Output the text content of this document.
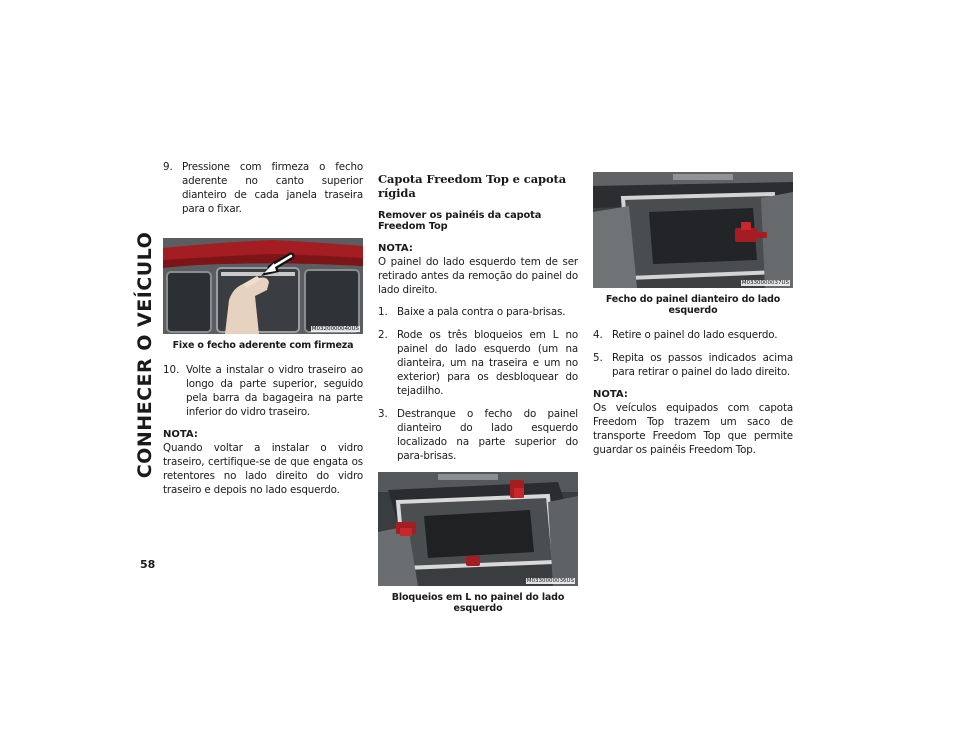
CONHECER O VEÍCULO
58
9. Pressione com firmeza o fecho aderente no canto superior dianteiro de cada janela traseira para o fixar.
M0320000040US
Fixe o fecho aderente com firmeza
10. Volte a instalar o vidro traseiro ao longo da parte superior, seguido pela barra da bagageira na parte inferior do vidro traseiro.
NOTA:

Quando voltar a instalar o vidro traseiro, certifique-se de que engata os retentores no lado direito do vidro traseiro e depois no lado esquerdo.

Capota Freedom Top e capota rígida
Remover os painéis da capota Freedom Top
NOTA:

O painel do lado esquerdo tem de ser retirado antes da remoção do painel do lado direito.

1. Baixe a pala contra o para-brisas.
2. Rode os três bloqueios em L no painel do lado esquerdo (um na dianteira, um na traseira e um no exterior) para os desbloquear do tejadilho.
3. Destranque o fecho do painel dianteiro do lado esquerdo localizado na parte superior do para-brisas.
M0330000036US
Bloqueios em L no painel do lado esquerdo
M0330000037US
Fecho do painel dianteiro do lado esquerdo
4. Retire o painel do lado esquerdo.
5. Repita os passos indicados acima para retirar o painel do lado direito.
NOTA:

Os veículos equipados com capota Freedom Top trazem um saco de transporte Freedom Top que permite guardar os painéis Freedom Top.
